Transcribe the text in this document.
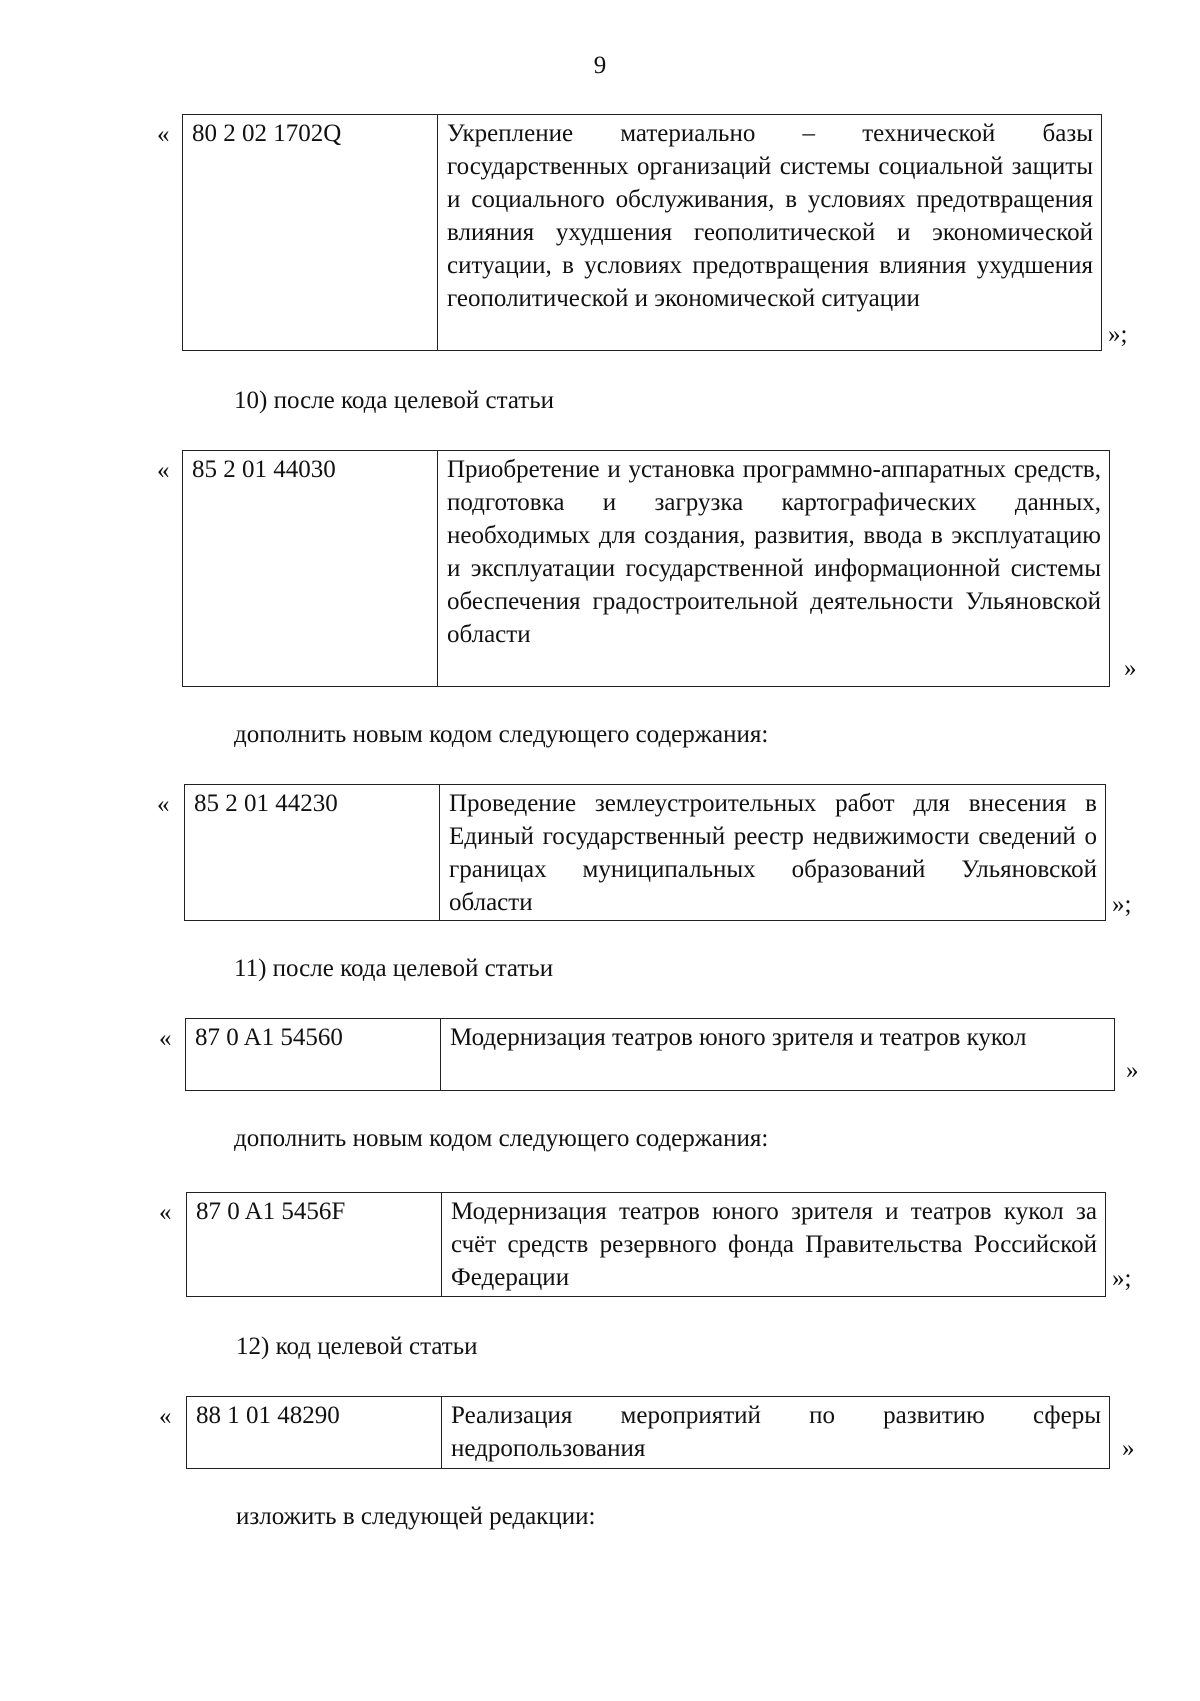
9
« 80 2 02 1702Q	Укрепление материально – технической базы государственных организаций системы социальной защиты и социального обслуживания, в условиях предотвращения влияния ухудшения геополитической и экономической ситуации, в условиях предотвращения влияния ухудшения геополитической и экономической ситуации
»;
10) после кода целевой статьи
« 85 2 01 44030	Приобретение и установка программно-аппаратных средств, подготовка и загрузка картографических данных, необходимых для создания, развития, ввода в эксплуатацию и эксплуатации государственной информационной системы обеспечения градостроительной деятельности Ульяновской области
»
дополнить новым кодом следующего содержания:
« 85 2 01 44230	Проведение землеустроительных работ для внесения в Единый государственный реестр недвижимости сведений о границах муниципальных образований Ульяновской области	»;
11) после кода целевой статьи
« 87 0 A1 54560	Модернизация театров юного зрителя и театров кукол
»
дополнить новым кодом следующего содержания:
« 87 0 A1 5456F	Модернизация театров юного зрителя и театров кукол за счёт средств резервного фонда Правительства Российской Федерации	»;
12) код целевой статьи
« 88 1 01 48290	Реализация мероприятий по развитию сферы недропользования	»
изложить в следующей редакции:
